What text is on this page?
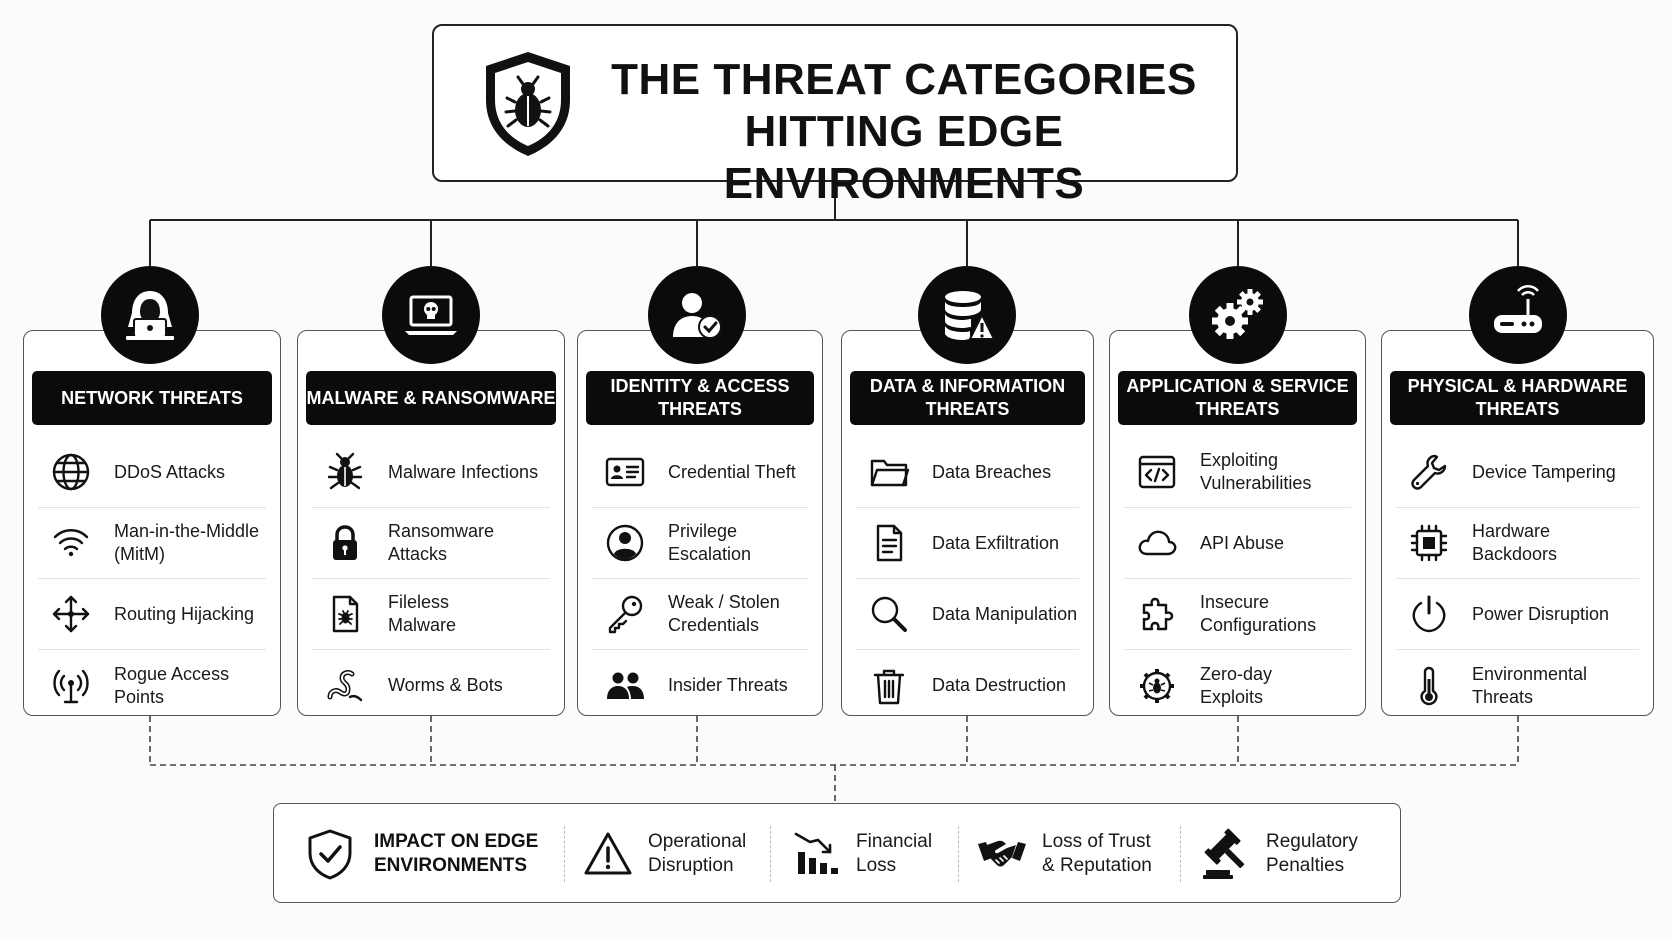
THE THREAT CATEGORIES
HITTING EDGE ENVIRONMENTS
NETWORK THREATS
DDoS Attacks
Man-in-the-Middle
(MitM)
Routing Hijacking
Rogue Access
Points
MALWARE & RANSOMWARE
Malware Infections
Ransomware
Attacks
Fileless
Malware
Worms & Bots
IDENTITY & ACCESS
THREATS
Credential Theft
Privilege
Escalation
Weak / Stolen
Credentials
Insider Threats
DATA & INFORMATION
THREATS
Data Breaches
Data Exfiltration
Data Manipulation
Data Destruction
APPLICATION & SERVICE
THREATS
Exploiting
Vulnerabilities
API Abuse
Insecure
Configurations
Zero-day
Exploits
PHYSICAL & HARDWARE
THREATS
Device Tampering
Hardware
Backdoors
Power Disruption
Environmental
Threats
IMPACT ON EDGE
ENVIRONMENTS
Operational
Disruption
Financial
Loss
Loss of Trust
& Reputation
Regulatory
Penalties
